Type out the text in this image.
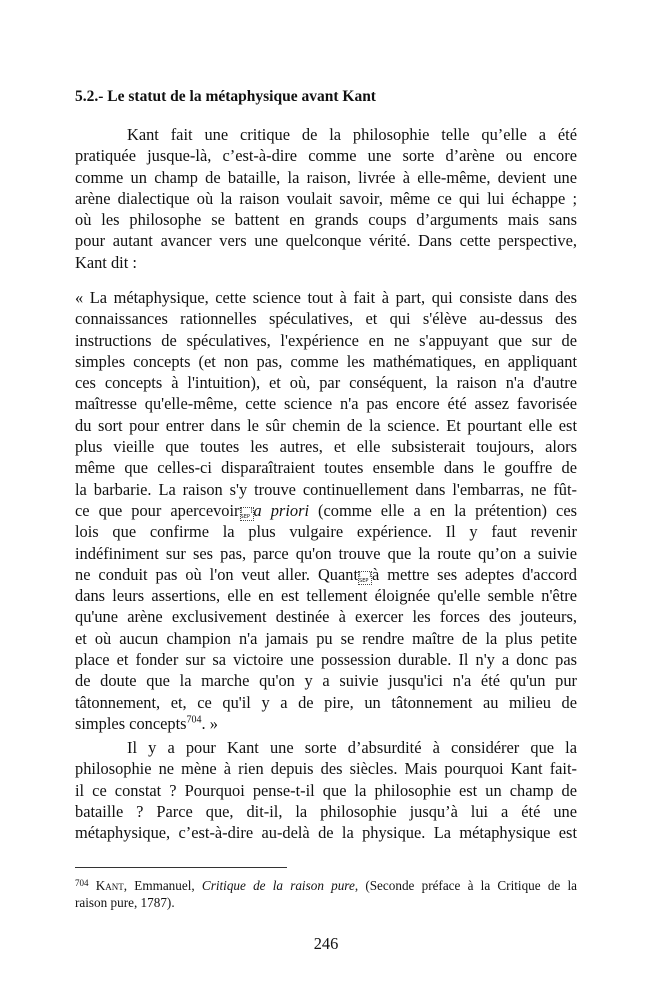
5.2.- Le statut de la métaphysique avant Kant
Kant fait une critique de la philosophie telle qu’elle a été
pratiquée jusque-là, c’est-à-dire comme une sorte d’arène ou encore
comme un champ de bataille, la raison, livrée à elle-même, devient une
arène dialectique où la raison voulait savoir, même ce qui lui échappe ;
où les philosophe se battent en grands coups d’arguments mais sans
pour autant avancer vers une quelconque vérité. Dans cette perspective,
Kant dit :
« La métaphysique, cette science tout à fait à part, qui consiste dans des
connaissances rationnelles spéculatives, et qui s'élève au-dessus des
instructions de spéculatives, l'expérience en ne s'appuyant que sur de
simples concepts (et non pas, comme les mathématiques, en appliquant
ces concepts à l'intuition), et où, par conséquent, la raison n'a d'autre
maîtresse qu'elle-même, cette science n'a pas encore été assez favorisée
du sort pour entrer dans le sûr chemin de la science. Et pourtant elle est
plus vieille que toutes les autres, et elle subsisterait toujours, alors
même que celles-ci disparaîtraient toutes ensemble dans le gouffre de
la barbarie. La raison s'y trouve continuellement dans l'embarras, ne fût-
ce que pour apercevoir [ ]
SEP a priori (comme elle a en la prétention) ces
lois que confirme la plus vulgaire expérience. Il y faut revenir
indéfiniment sur ses pas, parce qu'on trouve que la route qu’on a suivie
ne conduit pas où l'on veut aller. Quant [ ]
SEP à mettre ses adeptes d'accord
dans leurs assertions, elle en est tellement éloignée qu'elle semble n'être
qu'une arène exclusivement destinée à exercer les forces des jouteurs,
et où aucun champion n'a jamais pu se rendre maître de la plus petite
place et fonder sur sa victoire une possession durable. Il n'y a donc pas
de doute que la marche qu'on y a suivie jusqu'ici n'a été qu'un pur
tâtonnement, et, ce qu'il y a de pire, un tâtonnement au milieu de
simples concepts$^{704}$. »
Il y a pour Kant une sorte d’absurdité à considérer que la
philosophie ne mène à rien depuis des siècles. Mais pourquoi Kant fait-
il ce constat ? Pourquoi pense-t-il que la philosophie est un champ de
bataille ? Parce que, dit-il, la philosophie jusqu’à lui a été une
métaphysique, c’est-à-dire au-delà de la physique. La métaphysique est
$^{704}$ Kant, Emmanuel, Critique de la raison pure, (Seconde préface à la Critique de la
raison pure, 1787).
246
